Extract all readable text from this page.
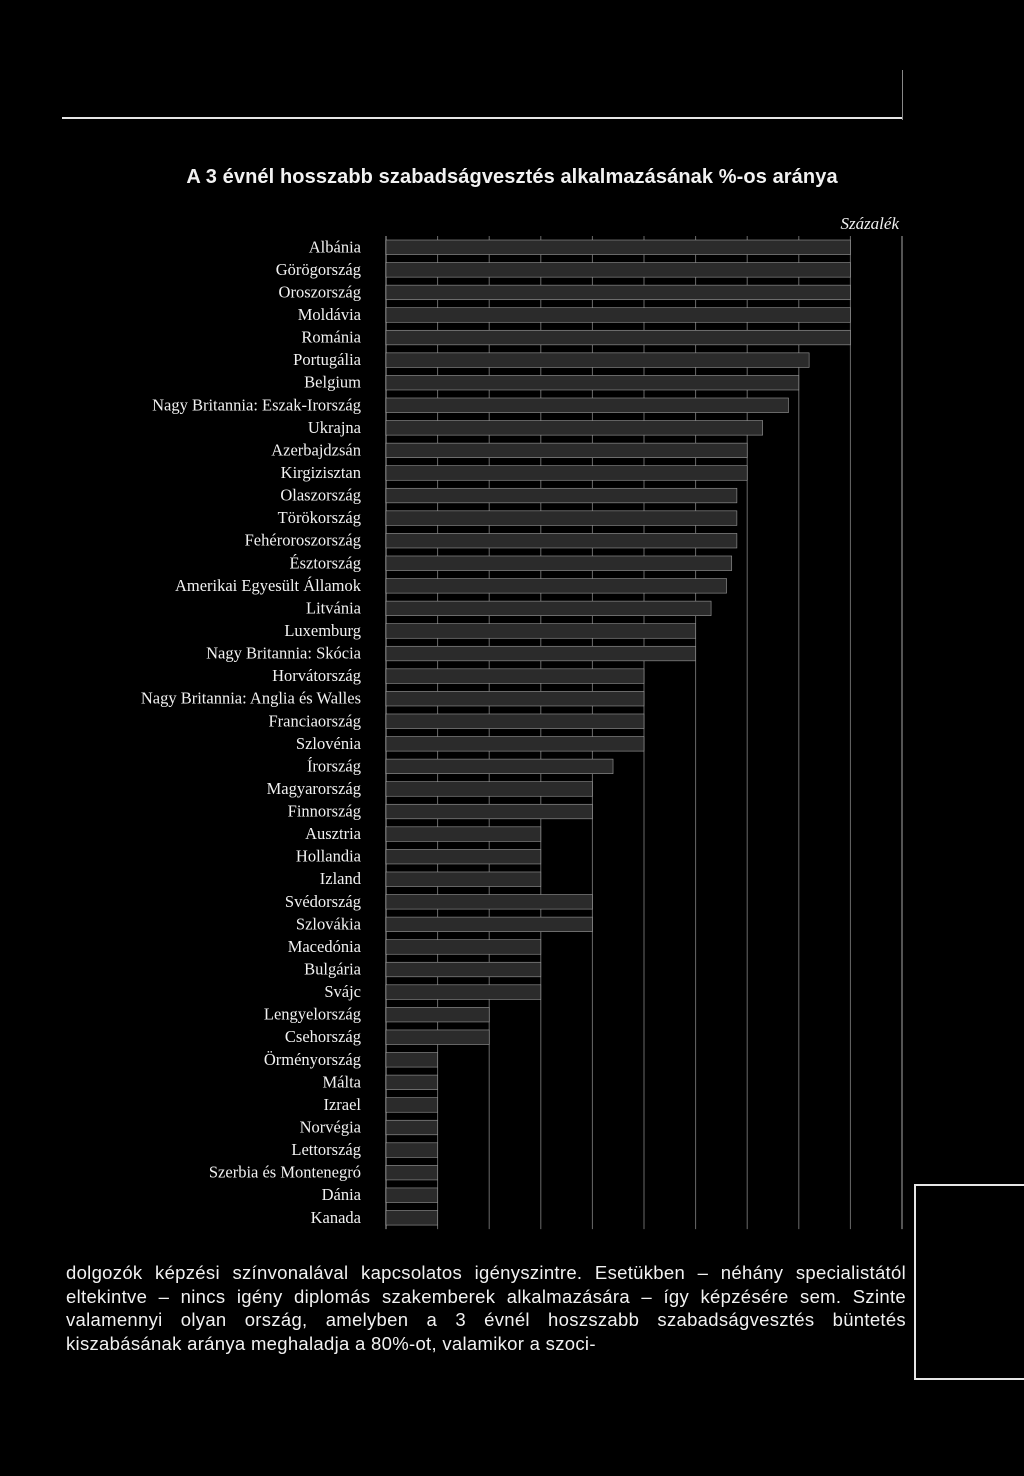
A 3 évnél hosszabb szabadságvesztés alkalmazásának %-os aránya
Százalék
Albánia
Görögország
Oroszország
Moldávia
Románia
Portugália
Belgium
Nagy Britannia: Eszak-Irország
Ukrajna
Azerbajdzsán
Kirgizisztan
Olaszország
Törökország
Fehéroroszország
Észtország
Amerikai Egyesült Államok
Litvánia
Luxemburg
Nagy Britannia: Skócia
Horvátország
Nagy Britannia: Anglia és Walles
Franciaország
Szlovénia
Írország
Magyarország
Finnország
Ausztria
Hollandia
Izland
Svédország
Szlovákia
Macedónia
Bulgária
Svájc
Lengyelország
Csehország
Örményország
Málta
Izrael
Norvégia
Lettország
Szerbia és Montenegró
Dánia
Kanada

dolgozók képzési színvonalával kapcsolatos igényszintre. Esetükben – néhány specialistától eltekintve – nincs igény diplomás szakemberek alkalmazására – így képzésére sem. Szinte valamennyi olyan ország, amelyben a 3 évnél hoszszabb szabadságvesztés büntetés kiszabásának aránya meghaladja a 80%-ot, valamikor a szoci-
